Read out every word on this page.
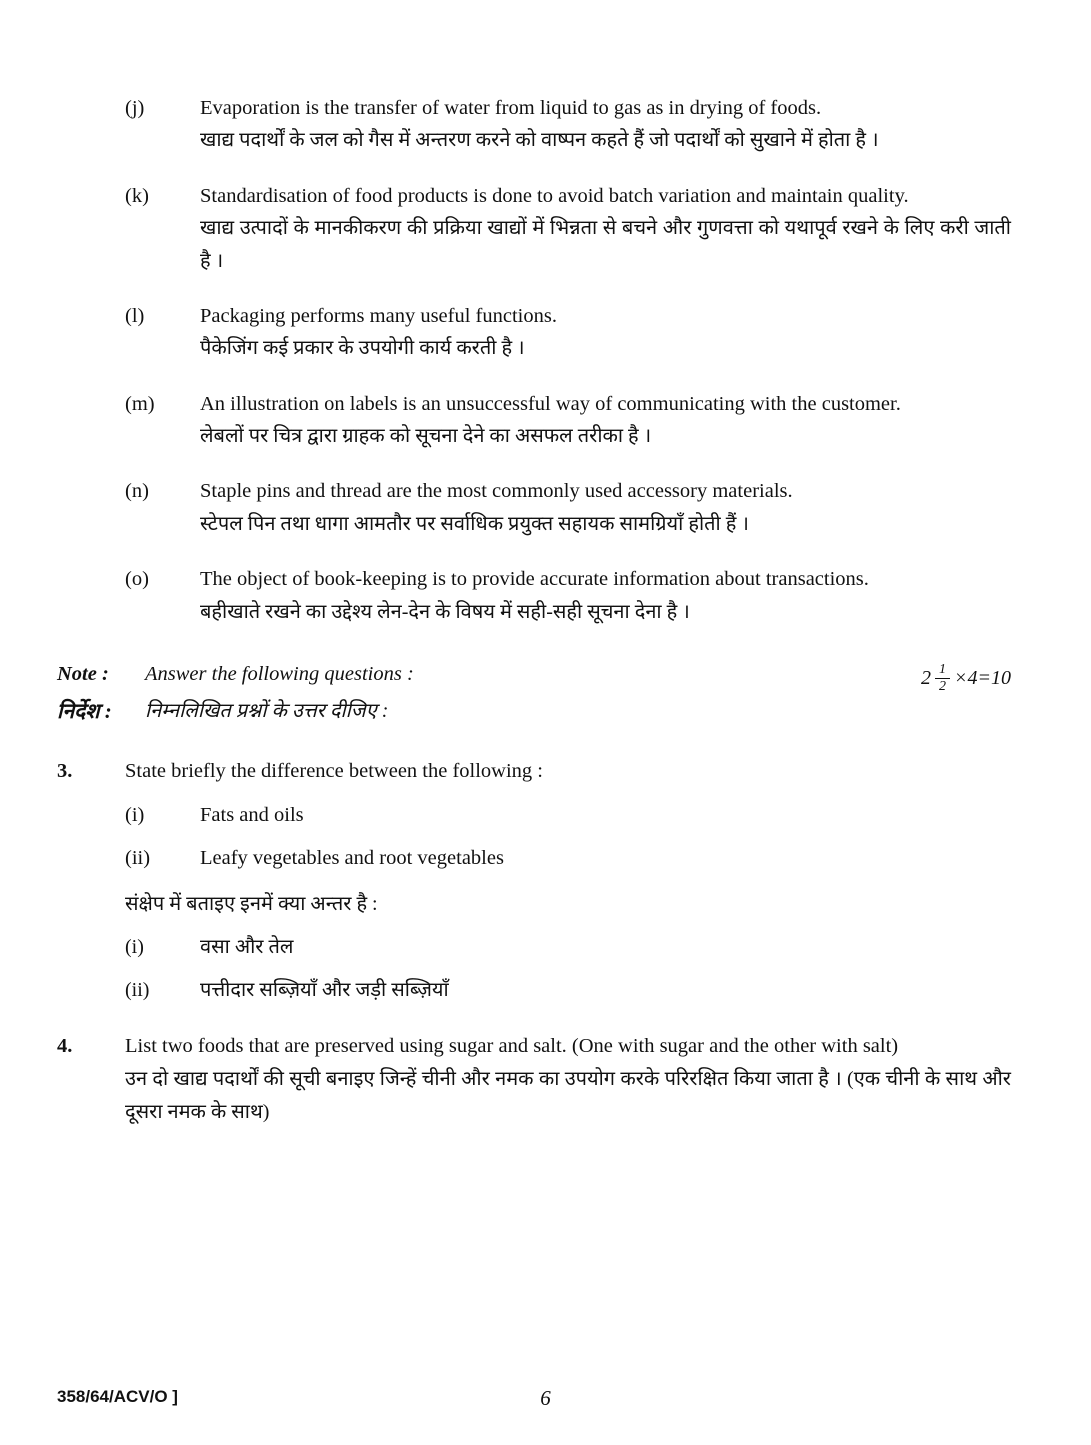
(j)	Evaporation is the transfer of water from liquid to gas as in drying of foods.

खाद्य पदार्थों के जल को गैस में अन्तरण करने को वाष्पन कहते हैं जो पदार्थों को सुखाने में होता है ।

(k)	Standardisation of food products is done to avoid batch variation and maintain quality.

खाद्य उत्पादों के मानकीकरण की प्रक्रिया खाद्यों में भिन्नता से बचने और गुणवत्ता को यथापूर्व रखने के लिए करी जाती है ।

(l)	Packaging performs many useful functions.

पैकेजिंग कई प्रकार के उपयोगी कार्य करती है ।

(m)	An illustration on labels is an unsuccessful way of communicating with the customer.

लेबलों पर चित्र द्वारा ग्राहक को सूचना देने का असफल तरीका है ।

(n)	Staple pins and thread are the most commonly used accessory materials.

स्टेपल पिन तथा धागा आमतौर पर सर्वाधिक प्रयुक्त सहायक सामग्रियाँ होती हैं ।

(o)	The object of book-keeping is to provide accurate information about transactions.

बहीखाते रखने का उद्देश्य लेन-देन के विषय में सही-सही सूचना देना है ।

Note :	Answer the following questions :	$2 \frac{1}{2} \times 4=10$
निर्देश :	निम्नलिखित प्रश्नों के उत्तर दीजिए :
3.	State briefly the difference between the following :

(i)	Fats and oils
(ii)	Leafy vegetables and root vegetables

संक्षेप में बताइए इनमें क्या अन्तर है :

(i)	वसा और तेल
(ii)	पत्तीदार सब्ज़ियाँ और जड़ी सब्ज़ियाँ
4.	List two foods that are preserved using sugar and salt. (One with sugar and the other with salt)

उन दो खाद्य पदार्थों की सूची बनाइए जिन्हें चीनी और नमक का उपयोग करके परिरक्षित किया जाता है । (एक चीनी के साथ और दूसरा नमक के साथ)

358/64/ACV/O ]	6
